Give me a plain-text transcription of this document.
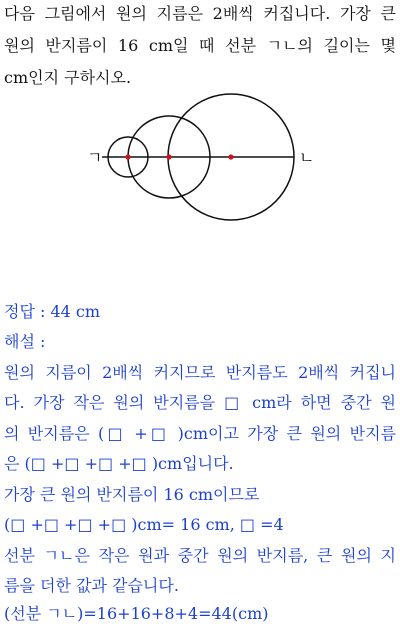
다음 그림에서 원의 지름은 2배씩 커집니다. 가장 큰
원의 반지름이 16 cm일 때 선분 ㄱㄴ의 길이는 몇
cm인지 구하시오.
ㄱ	ㄴ
정답 : 44 cm
해설 :
원의 지름이 2배씩 커지므로 반지름도 2배씩 커집니
다. 가장 작은 원의 반지름을 □ cm라 하면 중간 원
의 반지름은 (□ +□ )cm이고 가장 큰 원의 반지름
은 (□ +□ +□ +□ )cm입니다.
가장 큰 원의 반지름이 16 cm이므로
(□ +□ +□ +□ )cm= 16 cm, □ =4
선분 ㄱㄴ은 작은 원과 중간 원의 반지름, 큰 원의 지
름을 더한 값과 같습니다.
(선분 ㄱㄴ)=16+16+8+4=44(cm)
